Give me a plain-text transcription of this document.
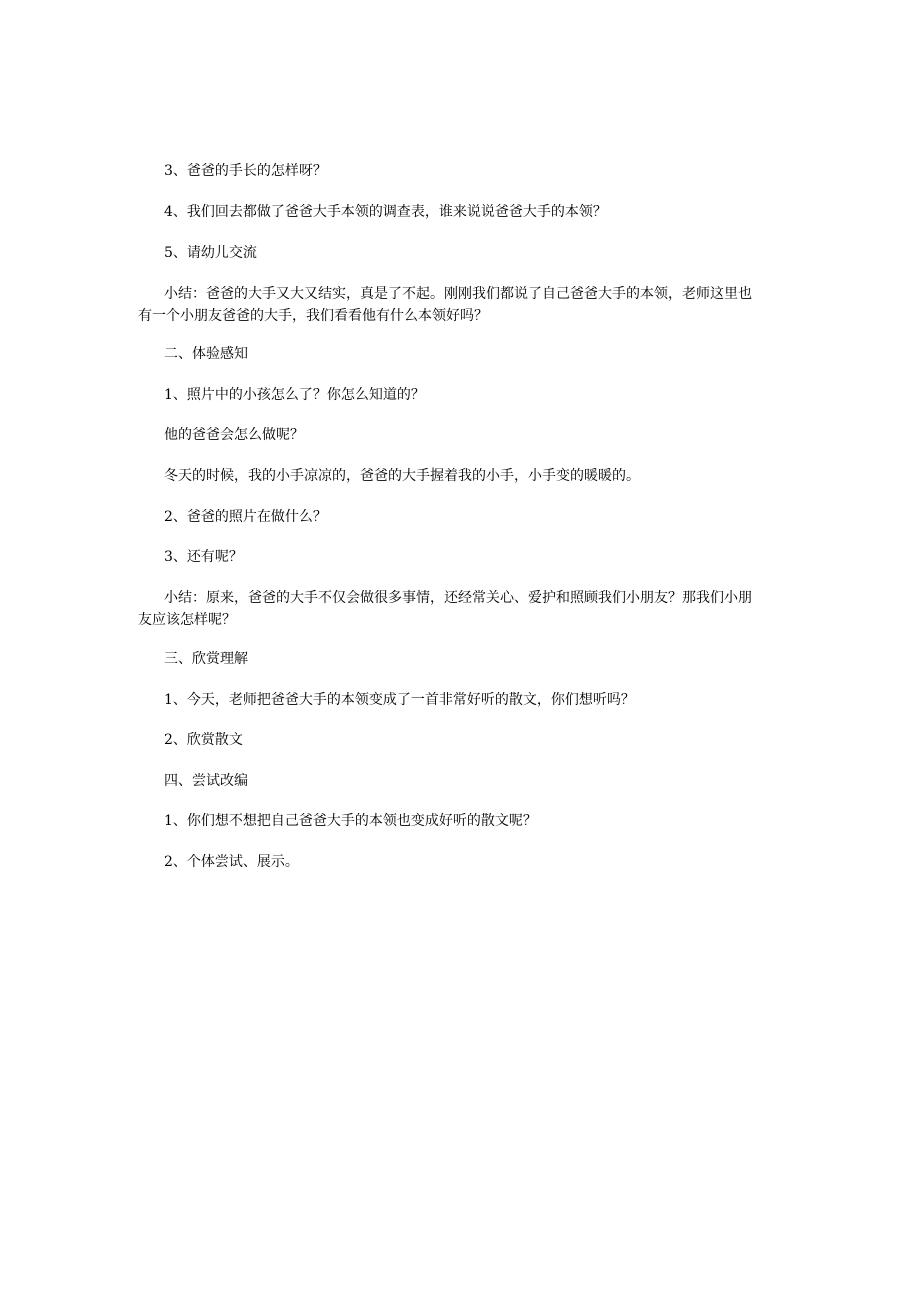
3、爸爸的手长的怎样呀？
4、我们回去都做了爸爸大手本领的调查表，谁来说说爸爸大手的本领？
5、请幼儿交流
小结：爸爸的大手又大又结实，真是了不起。刚刚我们都说了自己爸爸大手的本领，老师这里也
有一个小朋友爸爸的大手，我们看看他有什么本领好吗？
二、体验感知
1、照片中的小孩怎么了？你怎么知道的？
他的爸爸会怎么做呢？
冬天的时候，我的小手凉凉的，爸爸的大手握着我的小手，小手变的暖暖的。
2、爸爸的照片在做什么？
3、还有呢？
小结：原来，爸爸的大手不仅会做很多事情，还经常关心、爱护和照顾我们小朋友？那我们小朋
友应该怎样呢？
三、欣赏理解
1、今天，老师把爸爸大手的本领变成了一首非常好听的散文，你们想听吗？
2、欣赏散文
四、尝试改编
1、你们想不想把自己爸爸大手的本领也变成好听的散文呢？
2、个体尝试、展示。
